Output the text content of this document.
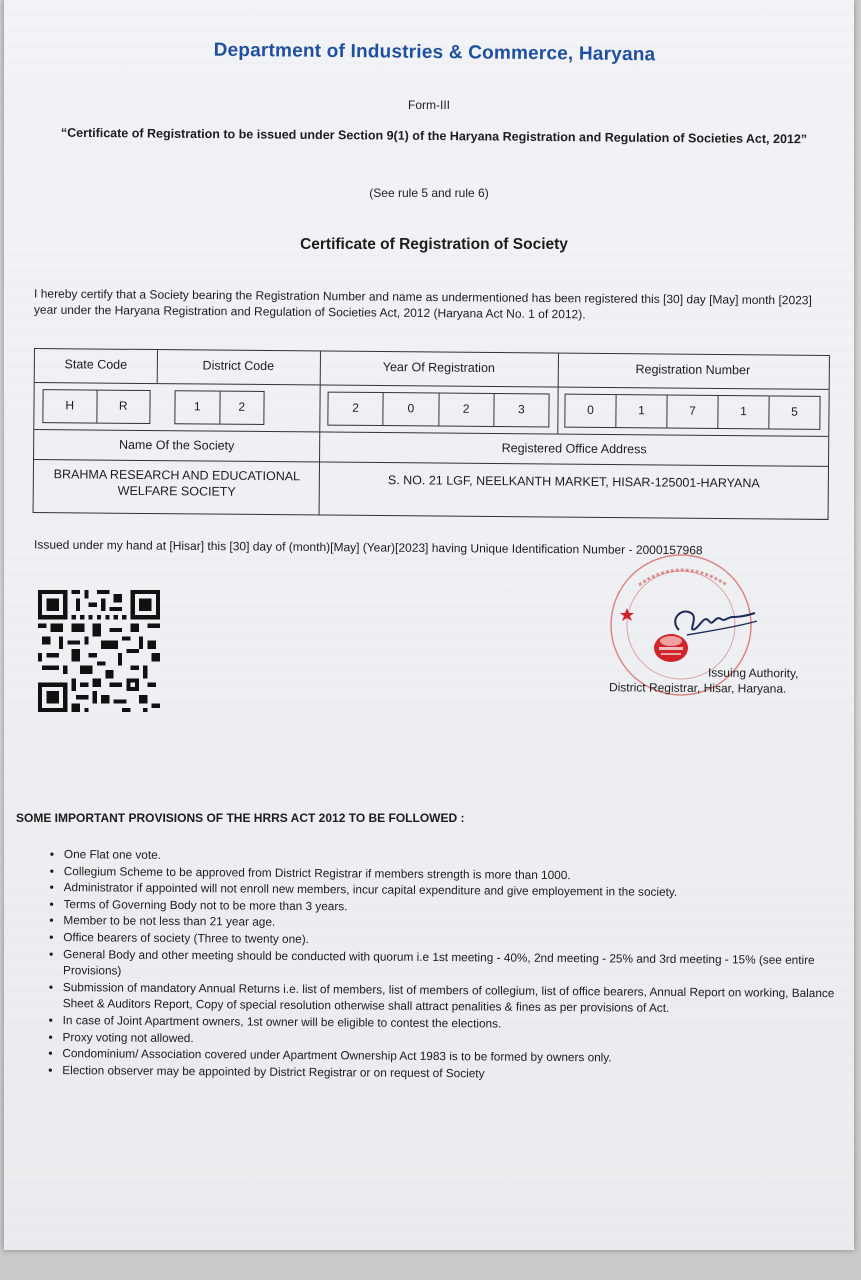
Department of Industries & Commerce, Haryana
Form-III
“Certificate of Registration to be issued under Section 9(1) of the Haryana Registration and Regulation of Societies Act, 2012”
(See rule 5 and rule 6)
Certificate of Registration of Society
I hereby certify that a Society bearing the Registration Number and name as undermentioned has been registered this [30] day [May] month [2023] year under the Haryana Registration and Regulation of Societies Act, 2012 (Haryana Act No. 1 of 2012).
State Code	District Code	Year Of Registration	Registration Number
H	R	1	2	2	0	2	3	0	1	7	1	5
Name Of the Society	Registered Office Address
BRAHMA RESEARCH AND EDUCATIONAL WELFARE SOCIETY
S. NO. 21 LGF, NEELKANTH MARKET, HISAR-125001-HARYANA
Issued under my hand at [Hisar] this [30] day of (month)[May] (Year)[2023] having Unique Identification Number - 2000157968
Issuing Authority,
District Registrar, Hisar, Haryana.
SOME IMPORTANT PROVISIONS OF THE HRRS ACT 2012 TO BE FOLLOWED :
• One Flat one vote.
• Collegium Scheme to be approved from District Registrar if members strength is more than 1000.
• Administrator if appointed will not enroll new members, incur capital expenditure and give employement in the society.
• Terms of Governing Body not to be more than 3 years.
• Member to be not less than 21 year age.
• Office bearers of society (Three to twenty one).
• General Body and other meeting should be conducted with quorum i.e 1st meeting - 40%, 2nd meeting - 25% and 3rd meeting - 15% (see entire Provisions)
• Submission of mandatory Annual Returns i.e. list of members, list of members of collegium, list of office bearers, Annual Report on working, Balance Sheet & Auditors Report, Copy of special resolution otherwise shall attract penalities & fines as per provisions of Act.
• In case of Joint Apartment owners, 1st owner will be eligible to contest the elections.
• Proxy voting not allowed.
• Condominium/ Association covered under Apartment Ownership Act 1983 is to be formed by owners only.
• Election observer may be appointed by District Registrar or on request of Society
